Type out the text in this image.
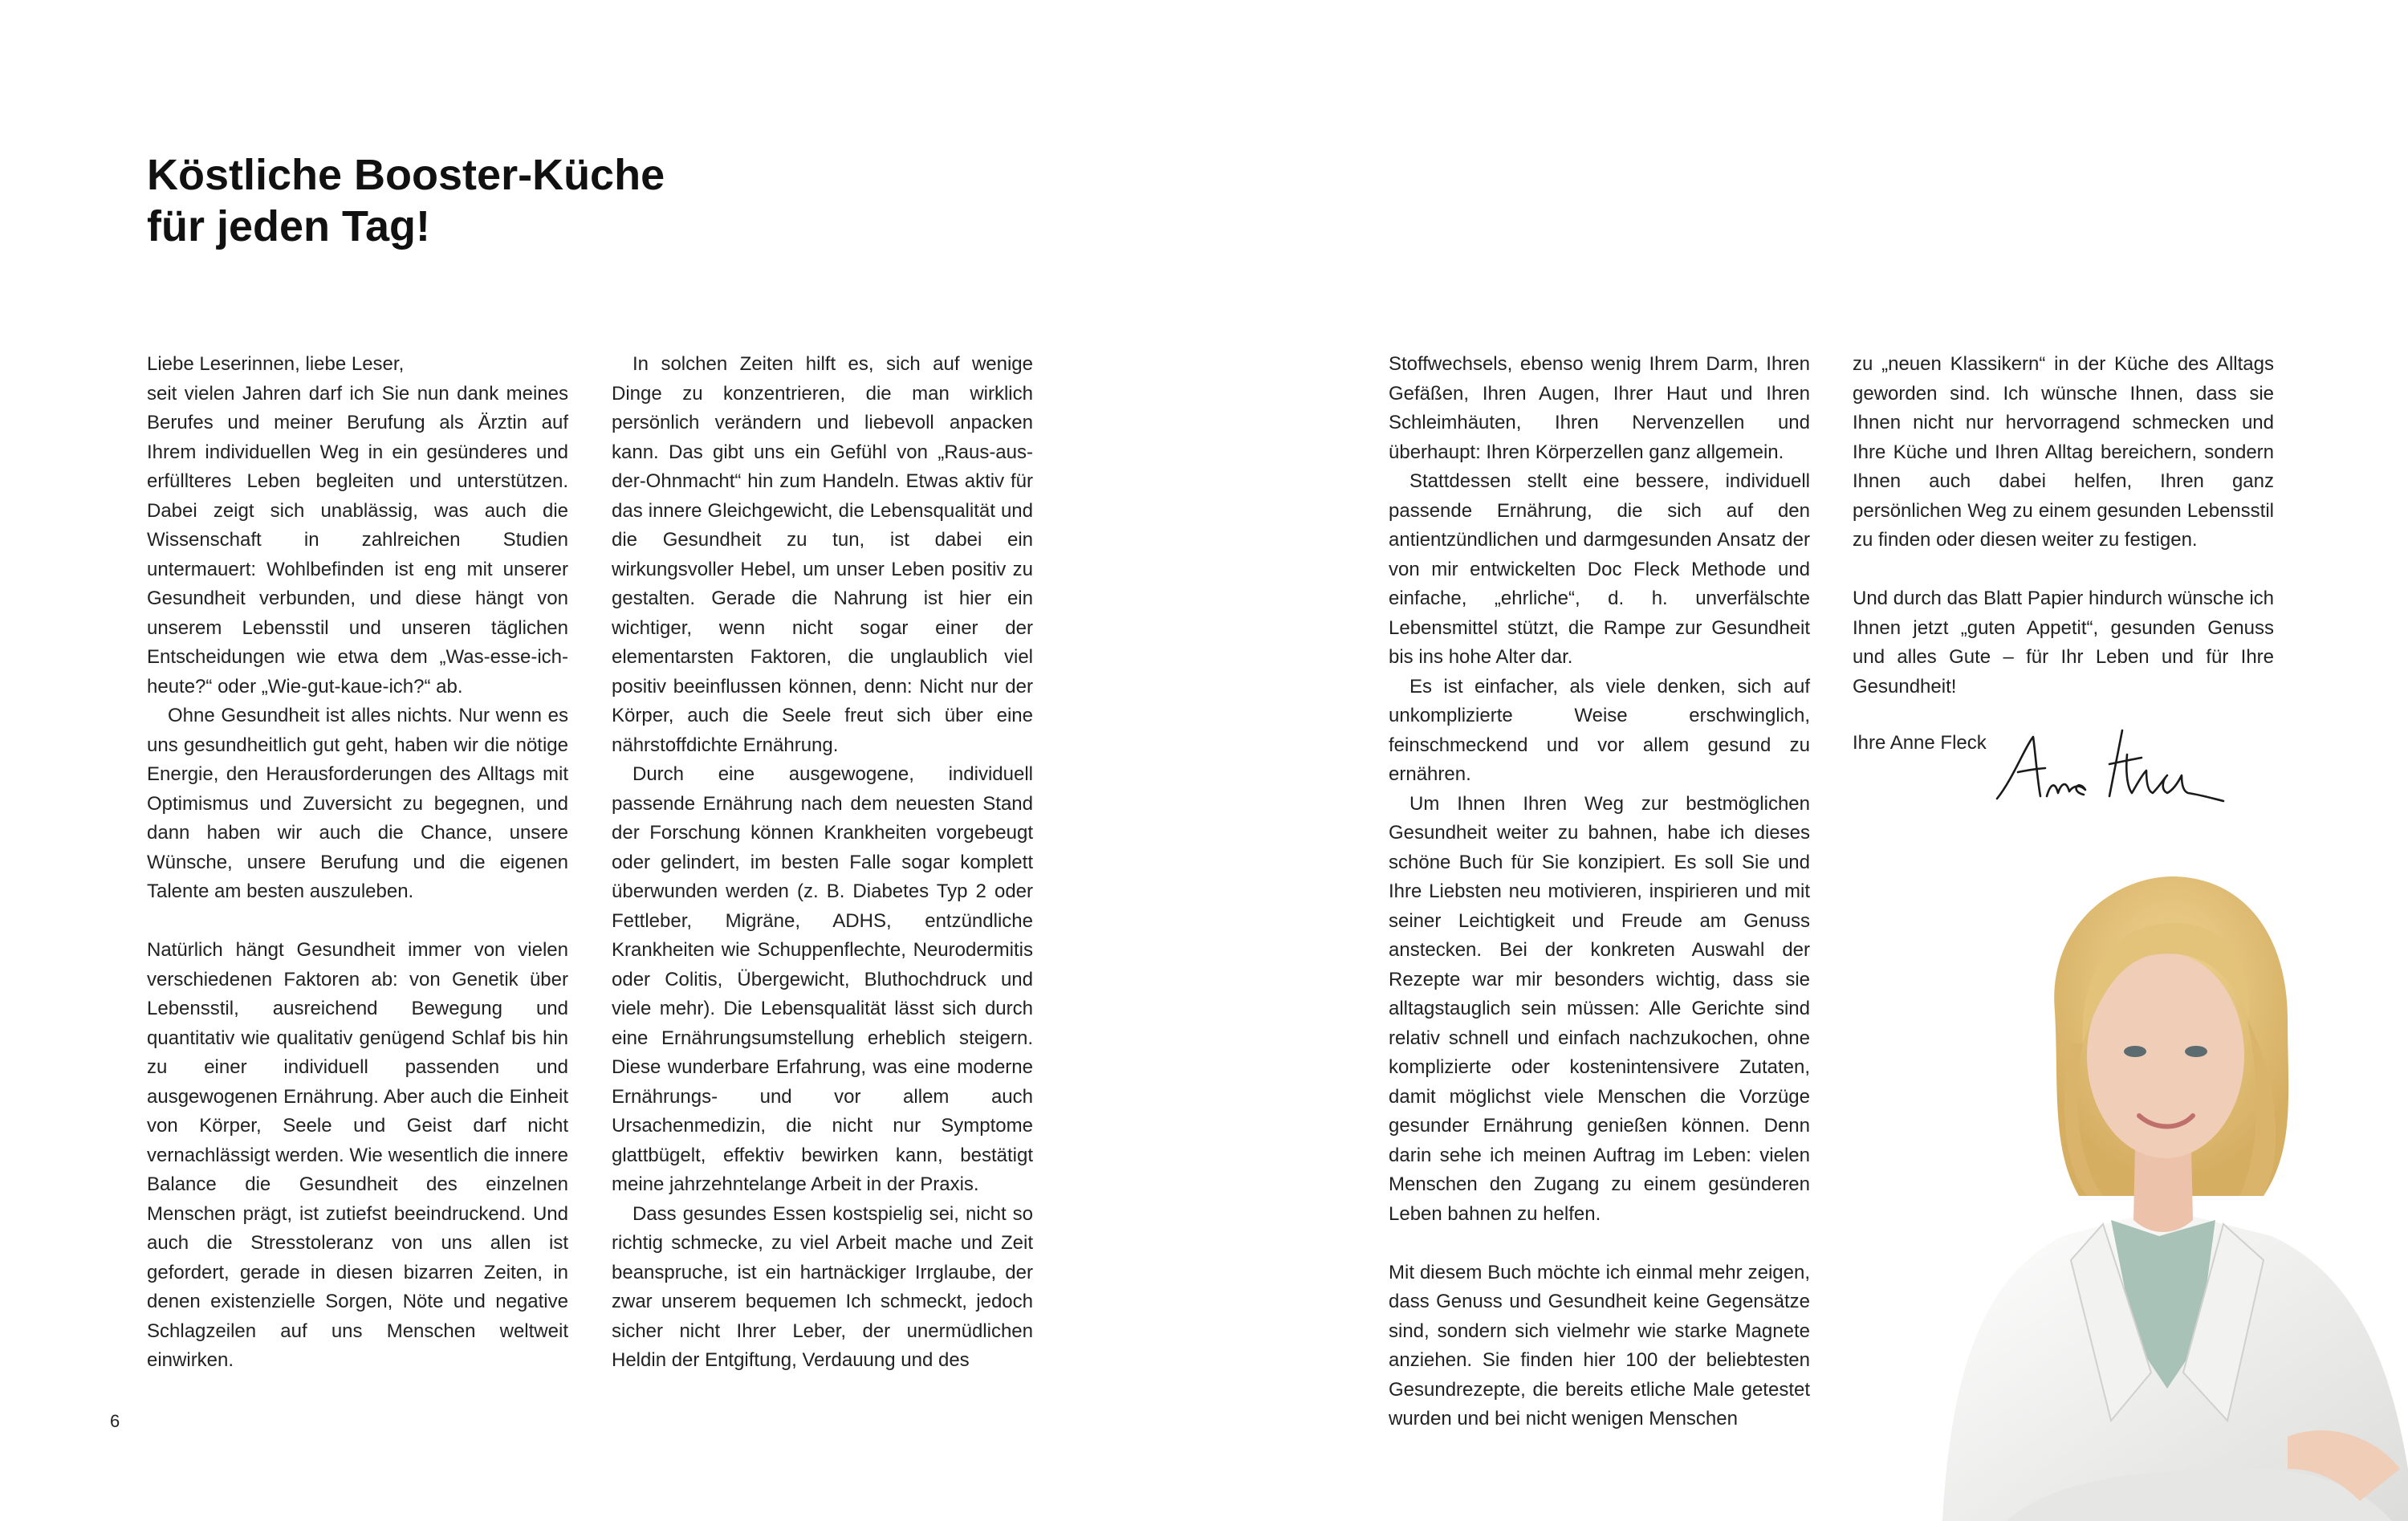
Köstliche Booster-Küche
für jeden Tag!

Liebe Leserinnen, liebe Leser,

seit vielen Jahren darf ich Sie nun dank meines Berufes und meiner Berufung als Ärztin auf Ihrem individuellen Weg in ein gesünderes und erfüllteres Leben begleiten und unterstützen. Dabei zeigt sich unablässig, was auch die Wissenschaft in zahlreichen Studien untermauert: Wohlbefinden ist eng mit unserer Gesundheit verbunden, und diese hängt von unserem Lebensstil und unseren täglichen Entscheidungen wie etwa dem „Was-esse-ich-heute?“ oder „Wie-gut-kaue-ich?“ ab.

Ohne Gesundheit ist alles nichts. Nur wenn es uns gesundheitlich gut geht, haben wir die nötige Energie, den Herausforderungen des Alltags mit Optimismus und Zuversicht zu begegnen, und dann haben wir auch die Chance, unsere Wünsche, unsere Berufung und die eigenen Talente am besten auszuleben.

Natürlich hängt Gesundheit immer von vielen verschiedenen Faktoren ab: von Genetik über Lebensstil, ausreichend Bewegung und quantitativ wie qualitativ genügend Schlaf bis hin zu einer individuell passenden und ausgewogenen Ernährung. Aber auch die Einheit von Körper, Seele und Geist darf nicht vernachlässigt werden. Wie wesentlich die innere Balance die Gesundheit des einzelnen Menschen prägt, ist zutiefst beeindruckend. Und auch die Stresstoleranz von uns allen ist gefordert, gerade in diesen bizarren Zeiten, in denen existenzielle Sorgen, Nöte und negative Schlagzeilen auf uns Menschen weltweit einwirken.

In solchen Zeiten hilft es, sich auf wenige Dinge zu konzentrieren, die man wirklich persönlich verändern und liebevoll anpacken kann. Das gibt uns ein Gefühl von „Raus-aus-der-Ohnmacht“ hin zum Handeln. Etwas aktiv für das innere Gleichgewicht, die Lebensqualität und die Gesundheit zu tun, ist dabei ein wirkungsvoller Hebel, um unser Leben positiv zu gestalten. Gerade die Nahrung ist hier ein wichtiger, wenn nicht sogar einer der elementarsten Faktoren, die unglaublich viel positiv beeinflussen können, denn: Nicht nur der Körper, auch die Seele freut sich über eine nährstoffdichte Ernährung.

Durch eine ausgewogene, individuell passende Ernährung nach dem neuesten Stand der Forschung können Krankheiten vorgebeugt oder gelindert, im besten Falle sogar komplett überwunden werden (z. B. Diabetes Typ 2 oder Fettleber, Migräne, ADHS, entzündliche Krankheiten wie Schuppenflechte, Neurodermitis oder Colitis, Übergewicht, Bluthochdruck und viele mehr). Die Lebensqualität lässt sich durch eine Ernährungsumstellung erheblich steigern. Diese wunderbare Erfahrung, was eine moderne Ernährungs- und vor allem auch Ursachenmedizin, die nicht nur Symptome glattbügelt, effektiv bewirken kann, bestätigt meine jahrzehntelange Arbeit in der Praxis.

Dass gesundes Essen kostspielig sei, nicht so richtig schmecke, zu viel Arbeit mache und Zeit beanspruche, ist ein hartnäckiger Irrglaube, der zwar unserem bequemen Ich schmeckt, jedoch sicher nicht Ihrer Leber, der unermüdlichen Heldin der Entgiftung, Verdauung und des

Stoffwechsels, ebenso wenig Ihrem Darm, Ihren Gefäßen, Ihren Augen, Ihrer Haut und Ihren Schleimhäuten, Ihren Nervenzellen und überhaupt: Ihren Körperzellen ganz allgemein.

Stattdessen stellt eine bessere, individuell passende Ernährung, die sich auf den antientzündlichen und darmgesunden Ansatz der von mir entwickelten Doc Fleck Methode und einfache, „ehrliche“, d. h. unverfälschte Lebensmittel stützt, die Rampe zur Gesundheit bis ins hohe Alter dar.

Es ist einfacher, als viele denken, sich auf unkomplizierte Weise erschwinglich, feinschmeckend und vor allem gesund zu ernähren.

Um Ihnen Ihren Weg zur bestmöglichen Gesundheit weiter zu bahnen, habe ich dieses schöne Buch für Sie konzipiert. Es soll Sie und Ihre Liebsten neu motivieren, inspirieren und mit seiner Leichtigkeit und Freude am Genuss anstecken. Bei der konkreten Auswahl der Rezepte war mir besonders wichtig, dass sie alltagstauglich sein müssen: Alle Gerichte sind relativ schnell und einfach nachzukochen, ohne komplizierte oder kostenintensivere Zutaten, damit möglichst viele Menschen die Vorzüge gesunder Ernährung genießen können. Denn darin sehe ich meinen Auftrag im Leben: vielen Menschen den Zugang zu einem gesünderen Leben bahnen zu helfen.

Mit diesem Buch möchte ich einmal mehr zeigen, dass Genuss und Gesundheit keine Gegensätze sind, sondern sich vielmehr wie starke Magnete anziehen. Sie finden hier 100 der beliebtesten Gesundrezepte, die bereits etliche Male getestet wurden und bei nicht wenigen Menschen

zu „neuen Klassikern“ in der Küche des Alltags geworden sind. Ich wünsche Ihnen, dass sie Ihnen nicht nur hervorragend schmecken und Ihre Küche und Ihren Alltag bereichern, sondern Ihnen auch dabei helfen, Ihren ganz persönlichen Weg zu einem gesunden Lebensstil zu finden oder diesen weiter zu festigen.

Und durch das Blatt Papier hindurch wünsche ich Ihnen jetzt „guten Appetit“, gesunden Genuss und alles Gute – für Ihr Leben und für Ihre Gesundheit!

Ihre Anne Fleck
6
